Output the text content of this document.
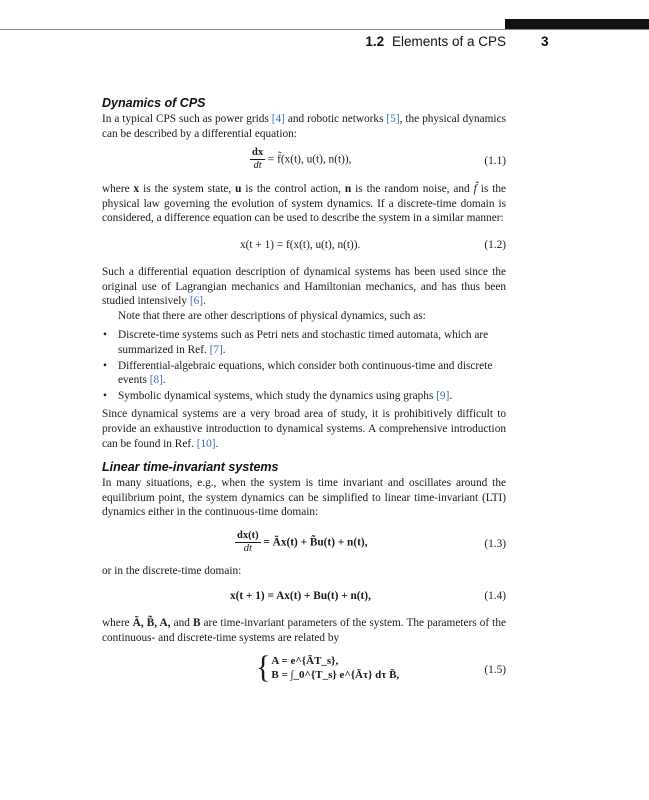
1.2 Elements of a CPS	3
Dynamics of CPS

In a typical CPS such as power grids [4] and robotic networks [5], the physical dynamics can be described by a differential equation:

$\frac{dx}{dt}$ = f̃(x(t), u(t), n(t)),	(1.1)

where x is the system state, u is the control action, n is the random noise, and f̃ is the physical law governing the evolution of system dynamics. If a discrete-time domain is considered, a difference equation can be used to describe the system in a similar manner:

x(t + 1) = f(x(t), u(t), n(t)).	(1.2)

Such a differential equation description of dynamical systems has been used since the original use of Lagrangian mechanics and Hamiltonian mechanics, and has thus been studied intensively [6].

Note that there are other descriptions of physical dynamics, such as:

• Discrete-time systems such as Petri nets and stochastic timed automata, which are summarized in Ref. [7].
• Differential-algebraic equations, which consider both continuous-time and discrete events [8].
• Symbolic dynamical systems, which study the dynamics using graphs [9].

Since dynamical systems are a very broad area of study, it is prohibitively difficult to provide an exhaustive introduction to dynamical systems. A comprehensive introduction can be found in Ref. [10].

Linear time-invariant systems

In many situations, e.g., when the system is time invariant and oscillates around the equilibrium point, the system dynamics can be simplified to linear time-invariant (LTI) dynamics either in the continuous-time domain:

$\frac{dx(t)}{dt}$ = Ãx(t) + B̃u(t) + n(t),	(1.3)

or in the discrete-time domain:

x(t + 1) = Ax(t) + Bu(t) + n(t),	(1.4)

where Ã, B̃, A, and B are time-invariant parameters of the system. The parameters of the continuous- and discrete-time systems are related by

{A = e^{ÃT_s},
B = ∫_0^{T_s} e^{Ãτ} dτ B̃,	(1.5)
